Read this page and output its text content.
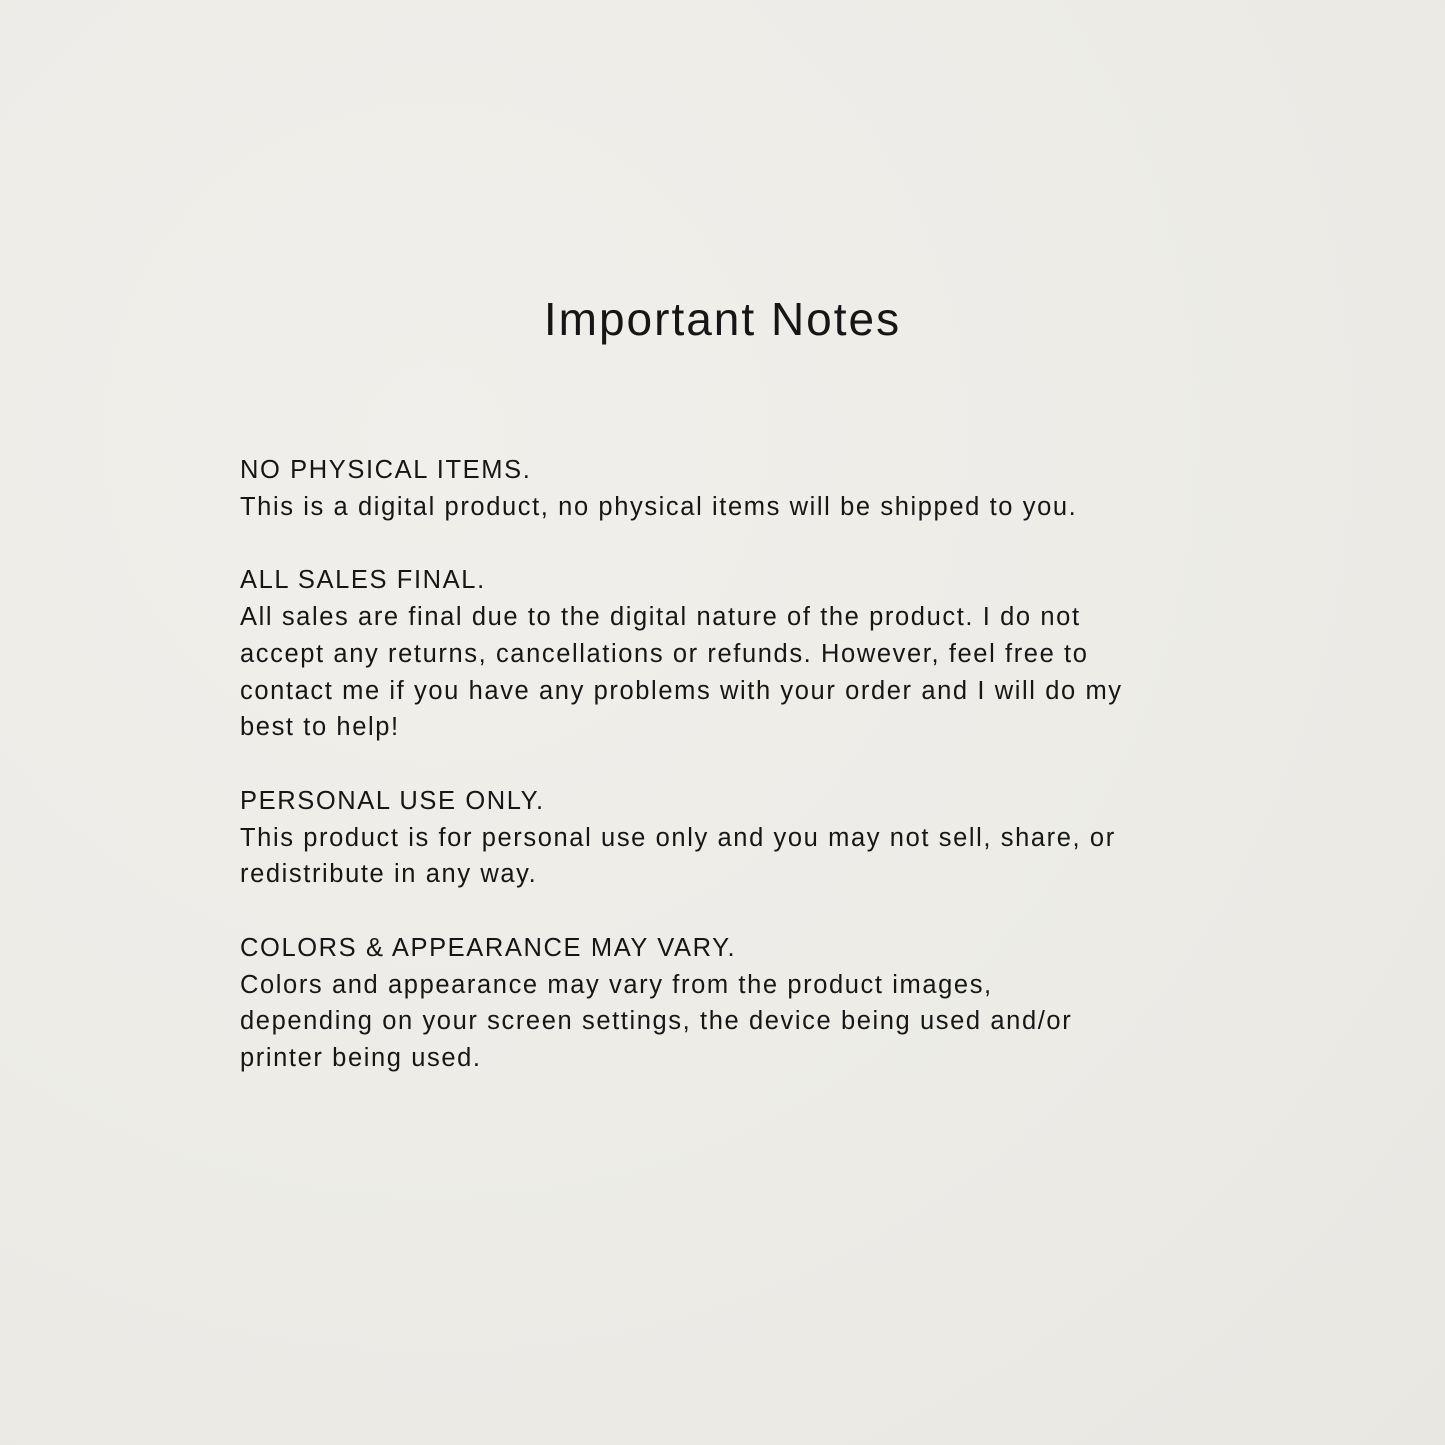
Important Notes
NO PHYSICAL ITEMS.
This is a digital product, no physical items will be shipped to you.
ALL SALES FINAL.
All sales are final due to the digital nature of the product. I do not
accept any returns, cancellations or refunds. However, feel free to
contact me if you have any problems with your order and I will do my
best to help!
PERSONAL USE ONLY.
This product is for personal use only and you may not sell, share, or
redistribute in any way.
COLORS & APPEARANCE MAY VARY.
Colors and appearance may vary from the product images,
depending on your screen settings, the device being used and/or
printer being used.
